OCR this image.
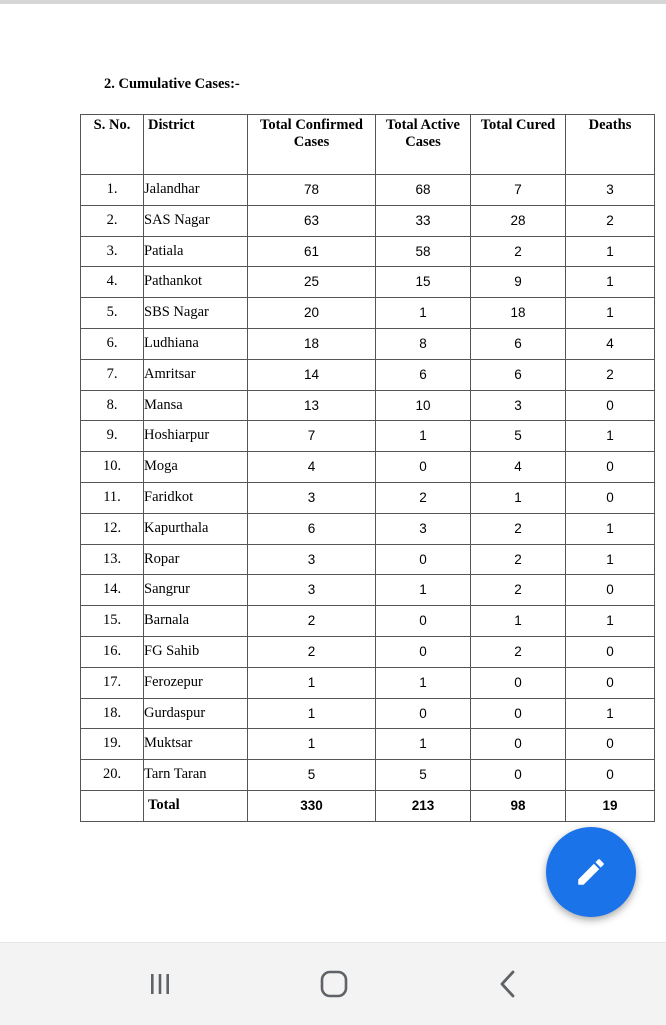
2. Cumulative Cases:-
S. No.	District	Total Confirmed Cases	Total Active Cases	Total Cured	Deaths
1.	Jalandhar	78	68	7	3
2.	SAS Nagar	63	33	28	2
3.	Patiala	61	58	2	1
4.	Pathankot	25	15	9	1
5.	SBS Nagar	20	1	18	1
6.	Ludhiana	18	8	6	4
7.	Amritsar	14	6	6	2
8.	Mansa	13	10	3	0
9.	Hoshiarpur	7	1	5	1
10.	Moga	4	0	4	0
11.	Faridkot	3	2	1	0
12.	Kapurthala	6	3	2	1
13.	Ropar	3	0	2	1
14.	Sangrur	3	1	2	0
15.	Barnala	2	0	1	1
16.	FG Sahib	2	0	2	0
17.	Ferozepur	1	1	0	0
18.	Gurdaspur	1	0	0	1
19.	Muktsar	1	1	0	0
20.	Tarn Taran	5	5	0	0
	Total	330	213	98	19
